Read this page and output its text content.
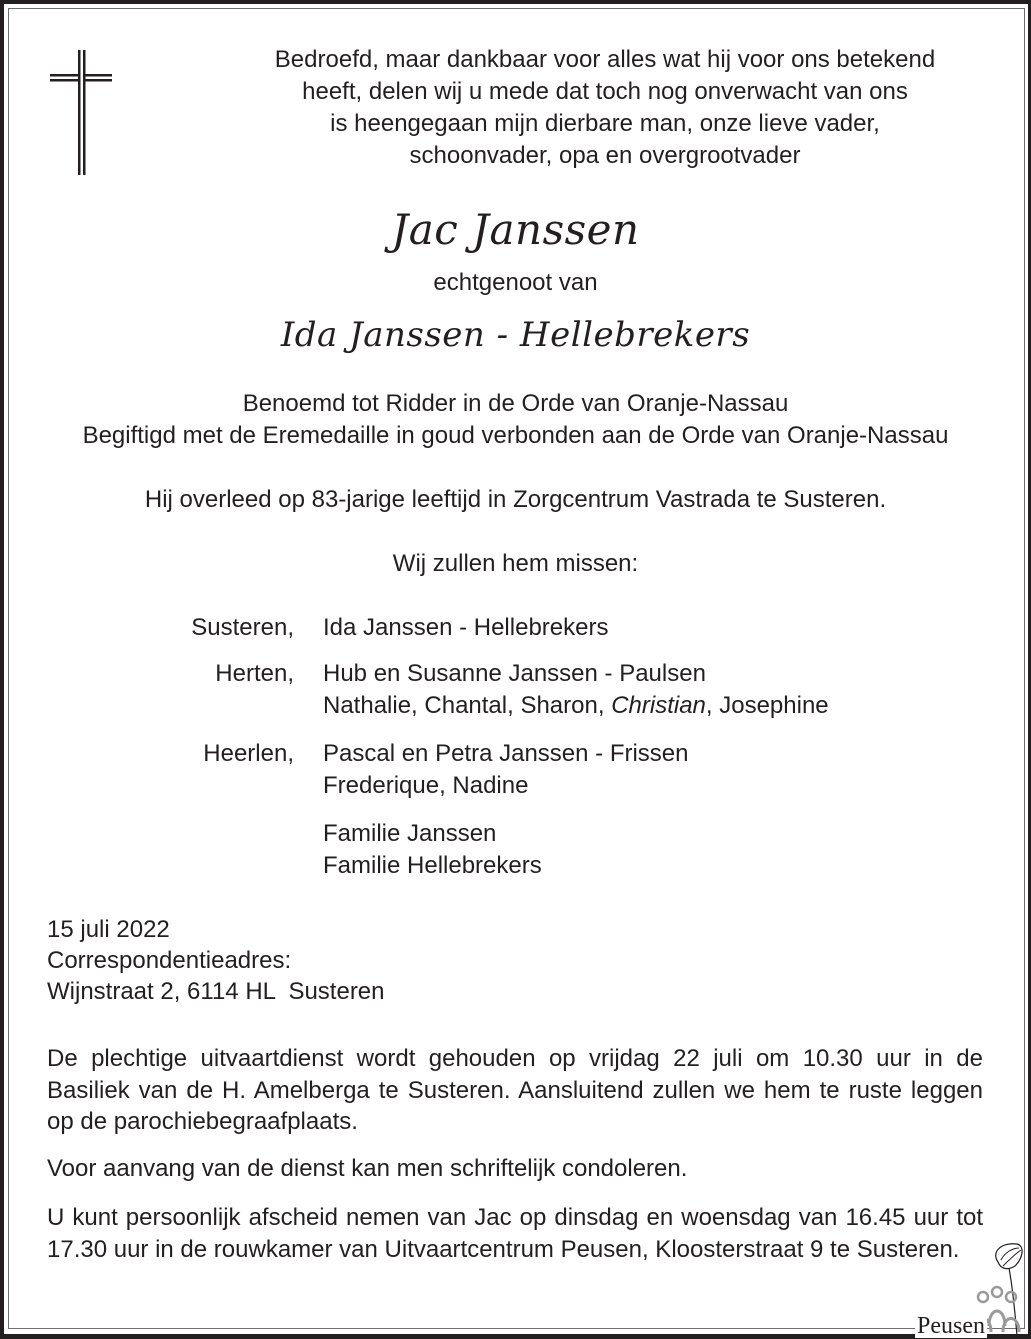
Bedroefd, maar dankbaar voor alles wat hij voor ons betekend
heeft, delen wij u mede dat toch nog onverwacht van ons
is heengegaan mijn dierbare man, onze lieve vader,
schoonvader, opa en overgrootvader
Jac Janssen
echtgenoot van
Ida Janssen - Hellebrekers
Benoemd tot Ridder in de Orde van Oranje-Nassau
Begiftigd met de Eremedaille in goud verbonden aan de Orde van Oranje-Nassau
Hij overleed op 83-jarige leeftijd in Zorgcentrum Vastrada te Susteren.
Wij zullen hem missen:
Susteren, Ida Janssen - Hellebrekers
Herten, Hub en Susanne Janssen - Paulsen
Nathalie, Chantal, Sharon, Christian, Josephine
Heerlen, Pascal en Petra Janssen - Frissen
Frederique, Nadine
Familie Janssen
Familie Hellebrekers
15 juli 2022
Correspondentieadres:
Wijnstraat 2, 6114 HL  Susteren
De plechtige uitvaartdienst wordt gehouden op vrijdag 22 juli om 10.30 uur in de Basiliek van de H. Amelberga te Susteren. Aansluitend zullen we hem te ruste leggen op de parochiebegraafplaats.
Voor aanvang van de dienst kan men schriftelijk condoleren.
U kunt persoonlijk afscheid nemen van Jac op dinsdag en woensdag van 16.45 uur tot 17.30 uur in de rouwkamer van Uitvaartcentrum Peusen, Kloosterstraat 9 te Susteren.
Peusen
